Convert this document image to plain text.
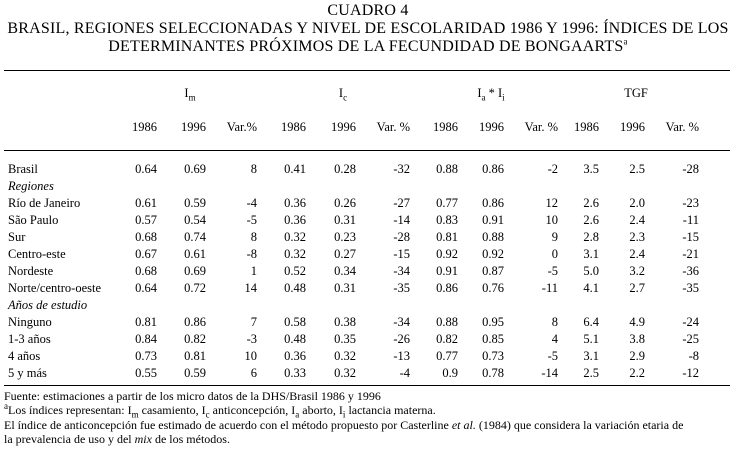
CUADRO 4
BRASIL, REGIONES SELECCIONADAS Y NIVEL DE ESCOLARIDAD 1986 Y 1996: ÍNDICES DE LOS
DETERMINANTES PRÓXIMOS DE LA FECUNDIDAD DE BONGAARTS$^a$
$I_m$	$I_c$	$I_a * I_i$	TGF
1986	1996	Var.%	1986	1996	Var. %	1986	1996	Var. %	1986	1996	Var. %
Brasil	0.64	0.69	8	0.41	0.28	-32	0.88	0.86	-2	3.5	2.5	-28
Regiones
Río de Janeiro	0.61	0.59	-4	0.36	0.26	-27	0.77	0.86	12	2.6	2.0	-23
São Paulo	0.57	0.54	-5	0.36	0.31	-14	0.83	0.91	10	2.6	2.4	-11
Sur	0.68	0.74	8	0.32	0.23	-28	0.81	0.88	9	2.8	2.3	-15
Centro-este	0.67	0.61	-8	0.32	0.27	-15	0.92	0.92	0	3.1	2.4	-21
Nordeste	0.68	0.69	1	0.52	0.34	-34	0.91	0.87	-5	5.0	3.2	-36
Norte/centro-oeste	0.64	0.72	14	0.48	0.31	-35	0.86	0.76	-11	4.1	2.7	-35
Años de estudio
Ninguno	0.81	0.86	7	0.58	0.38	-34	0.88	0.95	8	6.4	4.9	-24
1-3 años	0.84	0.82	-3	0.48	0.35	-26	0.82	0.85	4	5.1	3.8	-25
4 años	0.73	0.81	10	0.36	0.32	-13	0.77	0.73	-5	3.1	2.9	-8
5 y más	0.55	0.59	6	0.33	0.32	-4	0.9	0.78	-14	2.5	2.2	-12
Fuente: estimaciones a partir de los micro datos de la DHS/Brasil 1986 y 1996
$^a$Los índices representan: $I_m$ casamiento, $I_c$ anticoncepción, $I_a$ aborto, $I_i$ lactancia materna.
El índice de anticoncepción fue estimado de acuerdo con el método propuesto por Casterline et al. (1984) que considera la variación etaria de
la prevalencia de uso y del mix de los métodos.
